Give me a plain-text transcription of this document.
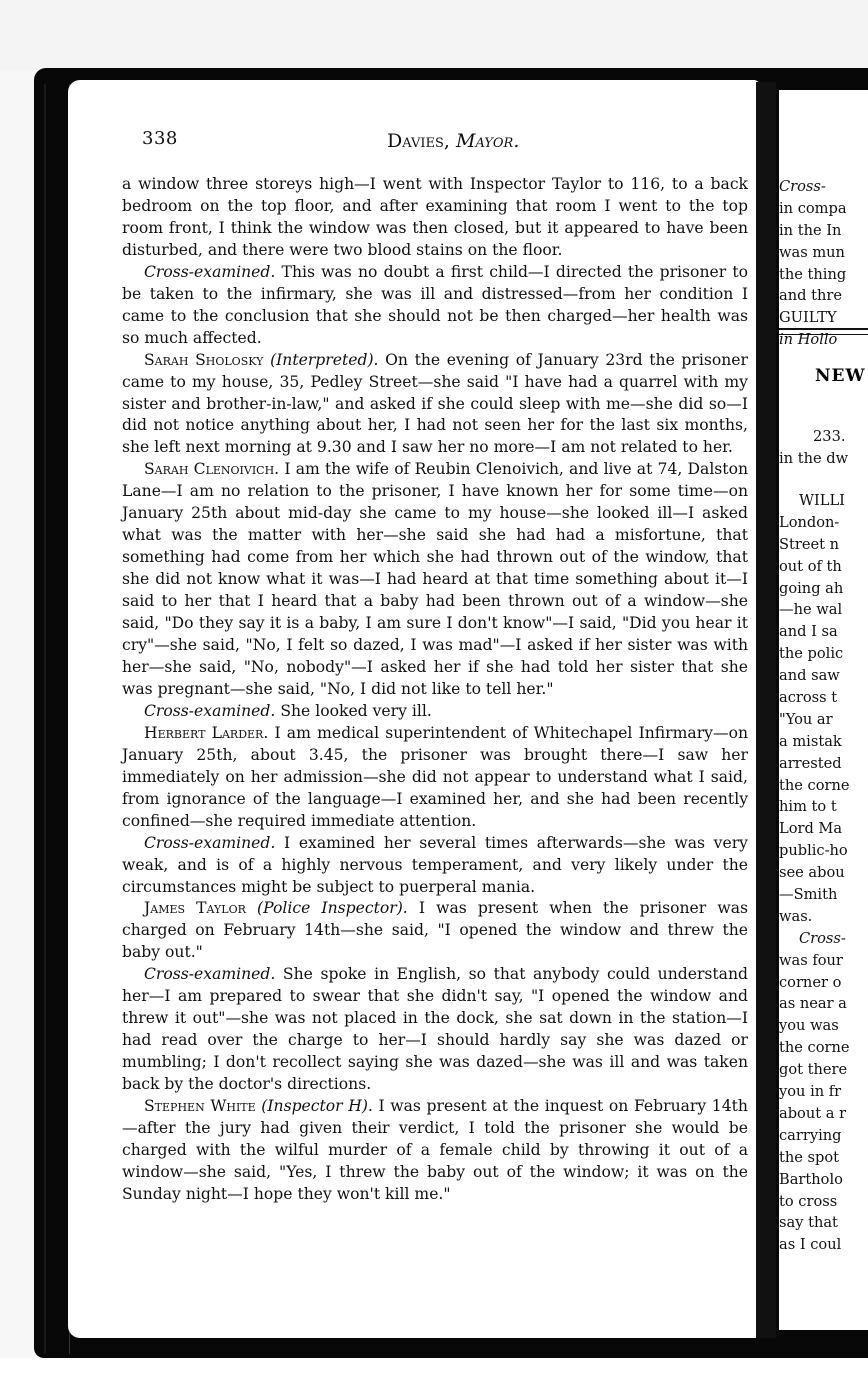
338	Davies, Mayor.

a window three storeys high—I went with Inspector Taylor to 116, to a back bedroom on the top floor, and after examining that room I went to the top room front, I think the window was then closed, but it appeared to have been disturbed, and there were two blood stains on the floor.

Cross-examined. This was no doubt a first child—I directed the prisoner to be taken to the infirmary, she was ill and distressed—from her condition I came to the conclusion that she should not be then charged—her health was so much affected.

Sarah Sholosky (Interpreted). On the evening of January 23rd the prisoner came to my house, 35, Pedley Street—she said "I have had a quarrel with my sister and brother-in-law," and asked if she could sleep with me—she did so—I did not notice anything about her, I had not seen her for the last six months, she left next morning at 9.30 and I saw her no more—I am not related to her.

Sarah Clenoivich. I am the wife of Reubin Clenoivich, and live at 74, Dalston Lane—I am no relation to the prisoner, I have known her for some time—on January 25th about mid-day she came to my house—she looked ill—I asked what was the matter with her—she said she had had a misfortune, that something had come from her which she had thrown out of the window, that she did not know what it was—I had heard at that time something about it—I said to her that I heard that a baby had been thrown out of a window—she said, "Do they say it is a baby, I am sure I don't know"—I said, "Did you hear it cry"—she said, "No, I felt so dazed, I was mad"—I asked if her sister was with her—she said, "No, nobody"—I asked her if she had told her sister that she was pregnant—she said, "No, I did not like to tell her."

Cross-examined. She looked very ill.

Herbert Larder. I am medical superintendent of Whitechapel Infirmary—on January 25th, about 3.45, the prisoner was brought there—I saw her immediately on her admission—she did not appear to understand what I said, from ignorance of the language—I examined her, and she had been recently confined—she required immediate attention.

Cross-examined. I examined her several times afterwards—she was very weak, and is of a highly nervous temperament, and very likely under the circumstances might be subject to puerperal mania.

James Taylor (Police Inspector). I was present when the prisoner was charged on February 14th—she said, "I opened the window and threw the baby out."

Cross-examined. She spoke in English, so that anybody could understand her—I am prepared to swear that she didn't say, "I opened the window and threw it out"—she was not placed in the dock, she sat down in the station—I had read over the charge to her—I should hardly say she was dazed or mumbling; I don't recollect saying she was dazed—she was ill and was taken back by the doctor's directions.

Stephen White (Inspector H). I was present at the inquest on February 14th—after the jury had given their verdict, I told the prisoner she would be charged with the wilful murder of a female child by throwing it out of a window—she said, "Yes, I threw the baby out of the window; it was on the Sunday night—I hope they won't kill me."

Cross-
in compa
in the In
was mun
the thing
and thre
GUILTY
in Hollo
NEW
233.
in the dw
WILLI
London-
Street n
out of th
going ah
—he wal
and I sa
the polic
and saw
across t
"You ar
a mistak
arrested
the corne
him to t
Lord Ma
public-ho
see abou
—Smith
was.
Cross-
was four
corner o
as near a
you was
the corne
got there
you in fr
about a r
carrying
the spot
Bartholo
to cross
say that
as I coul
